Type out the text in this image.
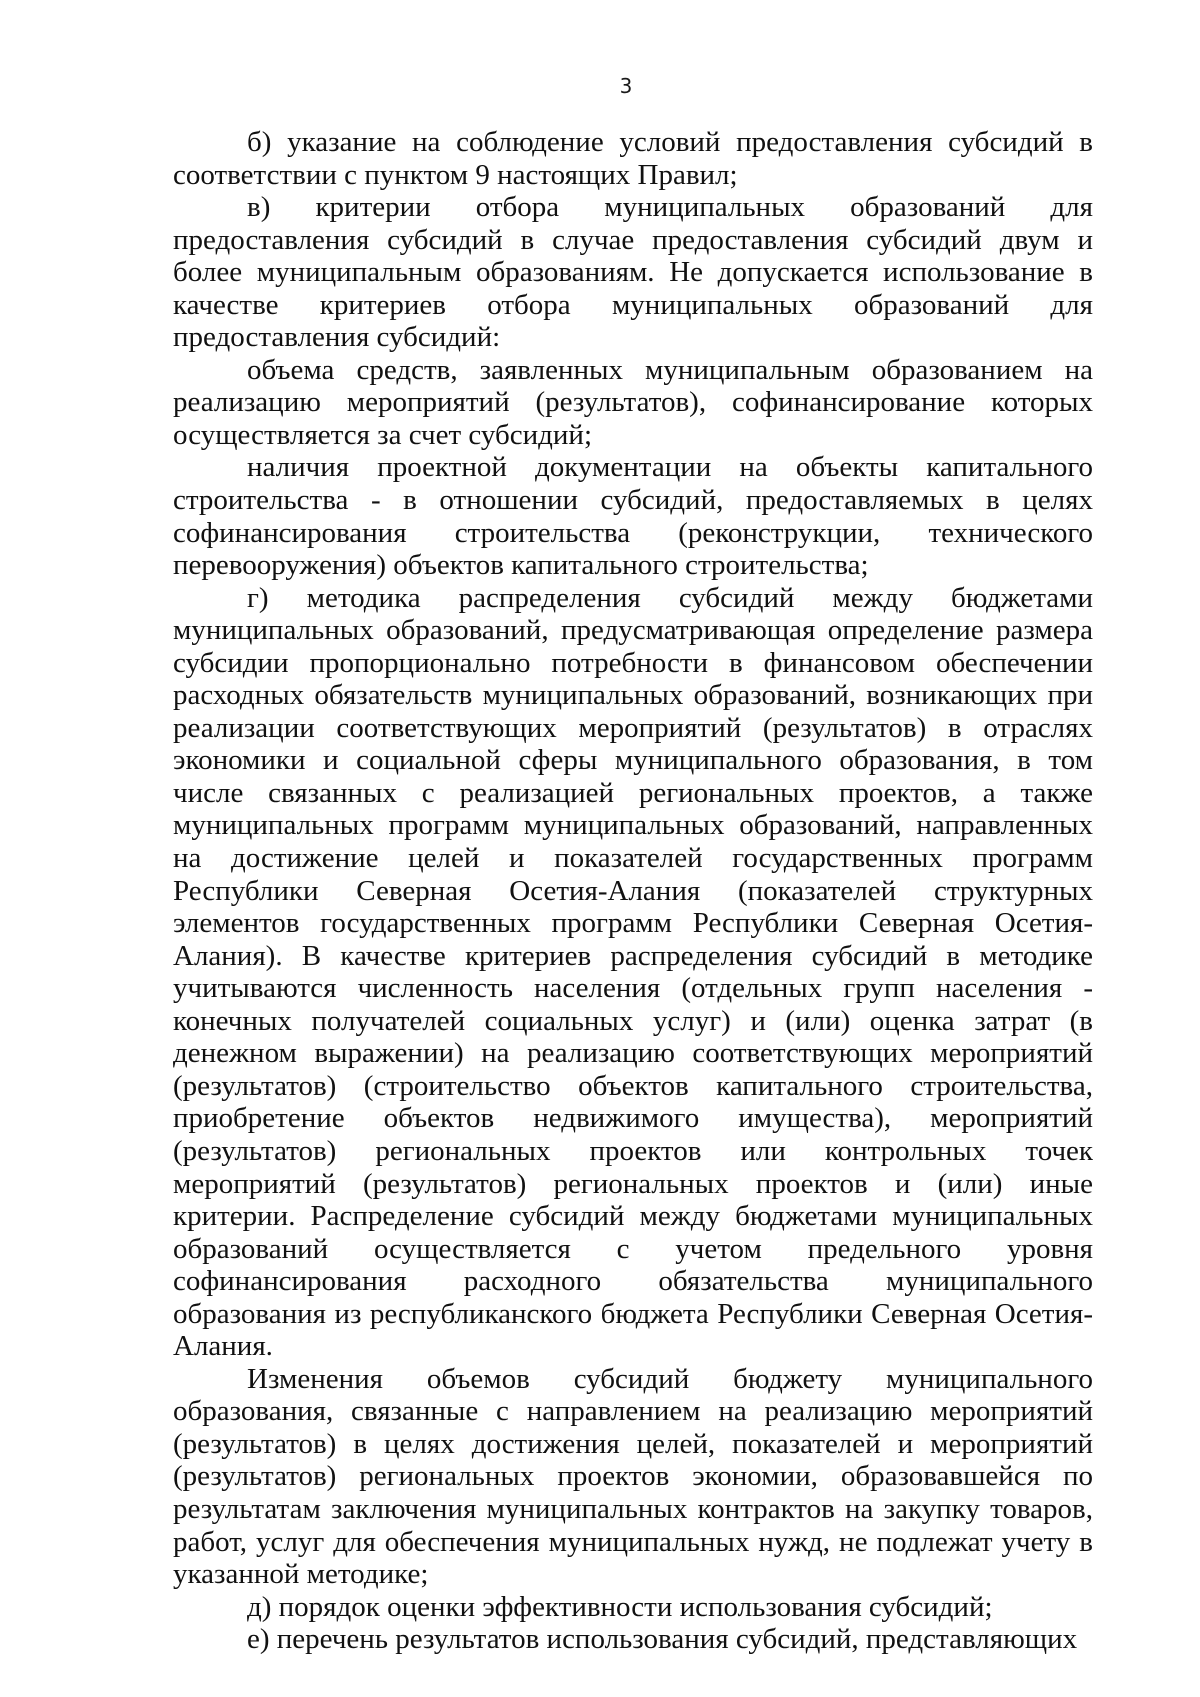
3

б) указание на соблюдение условий предоставления субсидий в соответствии с пунктом 9 настоящих Правил;

в) критерии отбора муниципальных образований для предоставления субсидий в случае предоставления субсидий двум и более муниципальным образованиям. Не допускается использование в качестве критериев отбора муниципальных образований для предоставления субсидий:

объема средств, заявленных муниципальным образованием на реализацию мероприятий (результатов), софинансирование которых осуществляется за счет субсидий;

наличия проектной документации на объекты капитального строительства - в отношении субсидий, предоставляемых в целях софинансирования строительства (реконструкции, технического перевооружения) объектов капитального строительства;

г) методика распределения субсидий между бюджетами муниципальных образований, предусматривающая определение размера субсидии пропорционально потребности в финансовом обеспечении расходных обязательств муниципальных образований, возникающих при реализации соответствующих мероприятий (результатов) в отраслях экономики и социальной сферы муниципального образования, в том числе связанных с реализацией региональных проектов, а также муниципальных программ муниципальных образований, направленных на достижение целей и показателей государственных программ Республики Северная Осетия-Алания (показателей структурных элементов государственных программ Республики Северная Осетия-Алания). В качестве критериев распределения субсидий в методике учитываются численность населения (отдельных групп населения - конечных получателей социальных услуг) и (или) оценка затрат (в денежном выражении) на реализацию соответствующих мероприятий (результатов) (строительство объектов капитального строительства, приобретение объектов недвижимого имущества), мероприятий (результатов) региональных проектов или контрольных точек мероприятий (результатов) региональных проектов и (или) иные критерии. Распределение субсидий между бюджетами муниципальных образований осуществляется с учетом предельного уровня софинансирования расходного обязательства муниципального образования из республиканского бюджета Республики Северная Осетия-Алания.

Изменения объемов субсидий бюджету муниципального образования, связанные с направлением на реализацию мероприятий (результатов) в целях достижения целей, показателей и мероприятий (результатов) региональных проектов экономии, образовавшейся по результатам заключения муниципальных контрактов на закупку товаров, работ, услуг для обеспечения муниципальных нужд, не подлежат учету в указанной методике;

д) порядок оценки эффективности использования субсидий;

е) перечень результатов использования субсидий, представляющих
